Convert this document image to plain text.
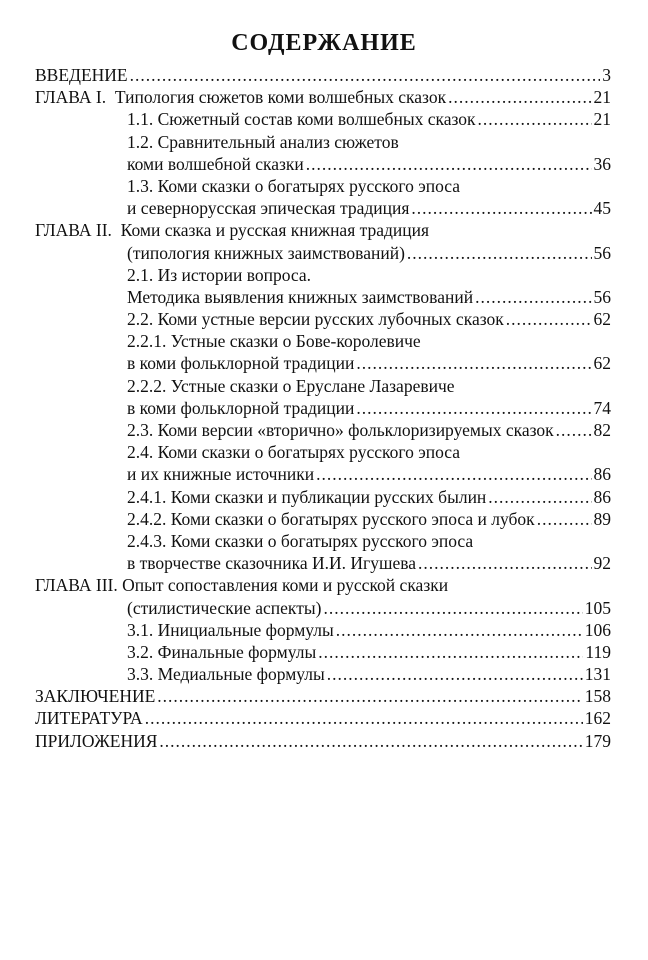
СОДЕРЖАНИЕ
ВВЕДЕНИЕ .....	3
ГЛАВА I.  Типология сюжетов коми волшебных сказок .....	21
1.1. Сюжетный состав коми волшебных сказок .....	21
1.2. Сравнительный анализ сюжетов
коми волшебной сказки .....	36
1.3. Коми сказки о богатырях русского эпоса
и севернорусская эпическая традиция .....	45
ГЛАВА II.  Коми сказка и русская книжная традиция
(типология книжных заимствований) .....	56
2.1. Из истории вопроса.
Методика выявления книжных заимствований .....	56
2.2. Коми устные версии русских лубочных сказок .....	62
2.2.1. Устные сказки о Бове-королевиче
в коми фольклорной традиции .....	62
2.2.2. Устные сказки о Еруслане Лазаревиче
в коми фольклорной традиции .....	74
2.3. Коми версии «вторично» фольклоризируемых сказок ..... 82
2.4. Коми сказки о богатырях русского эпоса
и их книжные источники .....	86
2.4.1. Коми сказки и публикации русских былин .....	86
2.4.2. Коми сказки о богатырях русского эпоса и лубок .....	89
2.4.3. Коми сказки о богатырях русского эпоса
в творчестве сказочника И.И. Игушева .....	92
ГЛАВА III. Опыт сопоставления коми и русской сказки
(стилистические аспекты) .....	105
3.1. Инициальные формулы .....	106
3.2. Финальные формулы .....	119
3.3. Медиальные формулы .....	131
ЗАКЛЮЧЕНИЕ .....	158
ЛИТЕРАТУРА .....	162
ПРИЛОЖЕНИЯ .....	179
